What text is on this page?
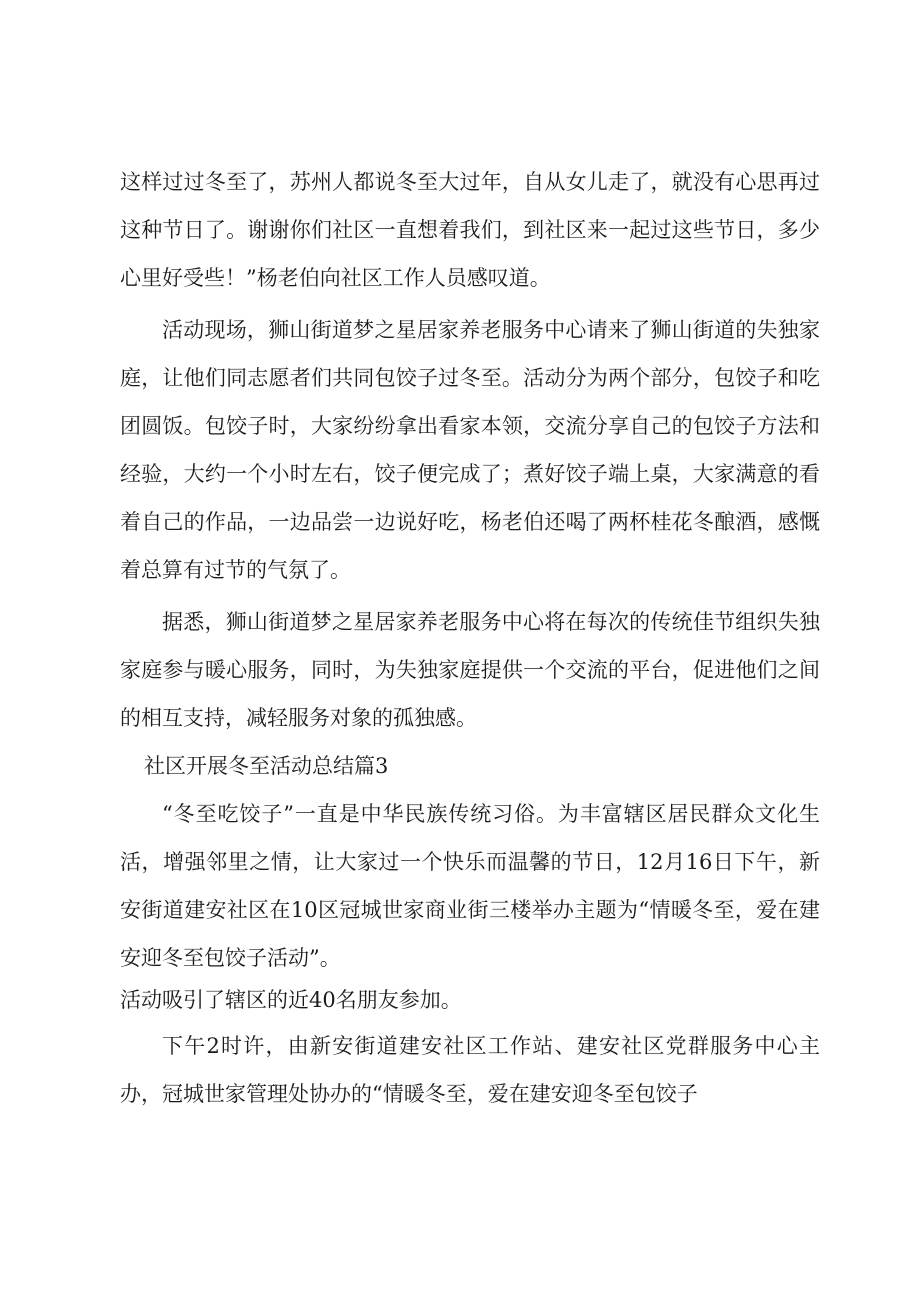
这样过过冬至了，苏州人都说冬至大过年，自从女儿走了，就没有心思再过这种节日了。谢谢你们社区一直想着我们，到社区来一起过这些节日，多少心里好受些！”杨老伯向社区工作人员感叹道。

活动现场，狮山街道梦之星居家养老服务中心请来了狮山街道的失独家庭，让他们同志愿者们共同包饺子过冬至。活动分为两个部分，包饺子和吃团圆饭。包饺子时，大家纷纷拿出看家本领，交流分享自己的包饺子方法和经验，大约一个小时左右，饺子便完成了；煮好饺子端上桌，大家满意的看着自己的作品，一边品尝一边说好吃，杨老伯还喝了两杯桂花冬酿酒，感慨着总算有过节的气氛了。

据悉，狮山街道梦之星居家养老服务中心将在每次的传统佳节组织失独家庭参与暖心服务，同时，为失独家庭提供一个交流的平台，促进他们之间的相互支持，减轻服务对象的孤独感。

社区开展冬至活动总结篇3

“冬至吃饺子”一直是中华民族传统习俗。为丰富辖区居民群众文化生活，增强邻里之情，让大家过一个快乐而温馨的节日，12月16日下午，新安街道建安社区在10区冠城世家商业街三楼举办主题为“情暖冬至，爱在建安迎冬至包饺子活动”。

活动吸引了辖区的近40名朋友参加。

下午2时许，由新安街道建安社区工作站、建安社区党群服务中心主办，冠城世家管理处协办的“情暖冬至，爱在建安迎冬至包饺子
